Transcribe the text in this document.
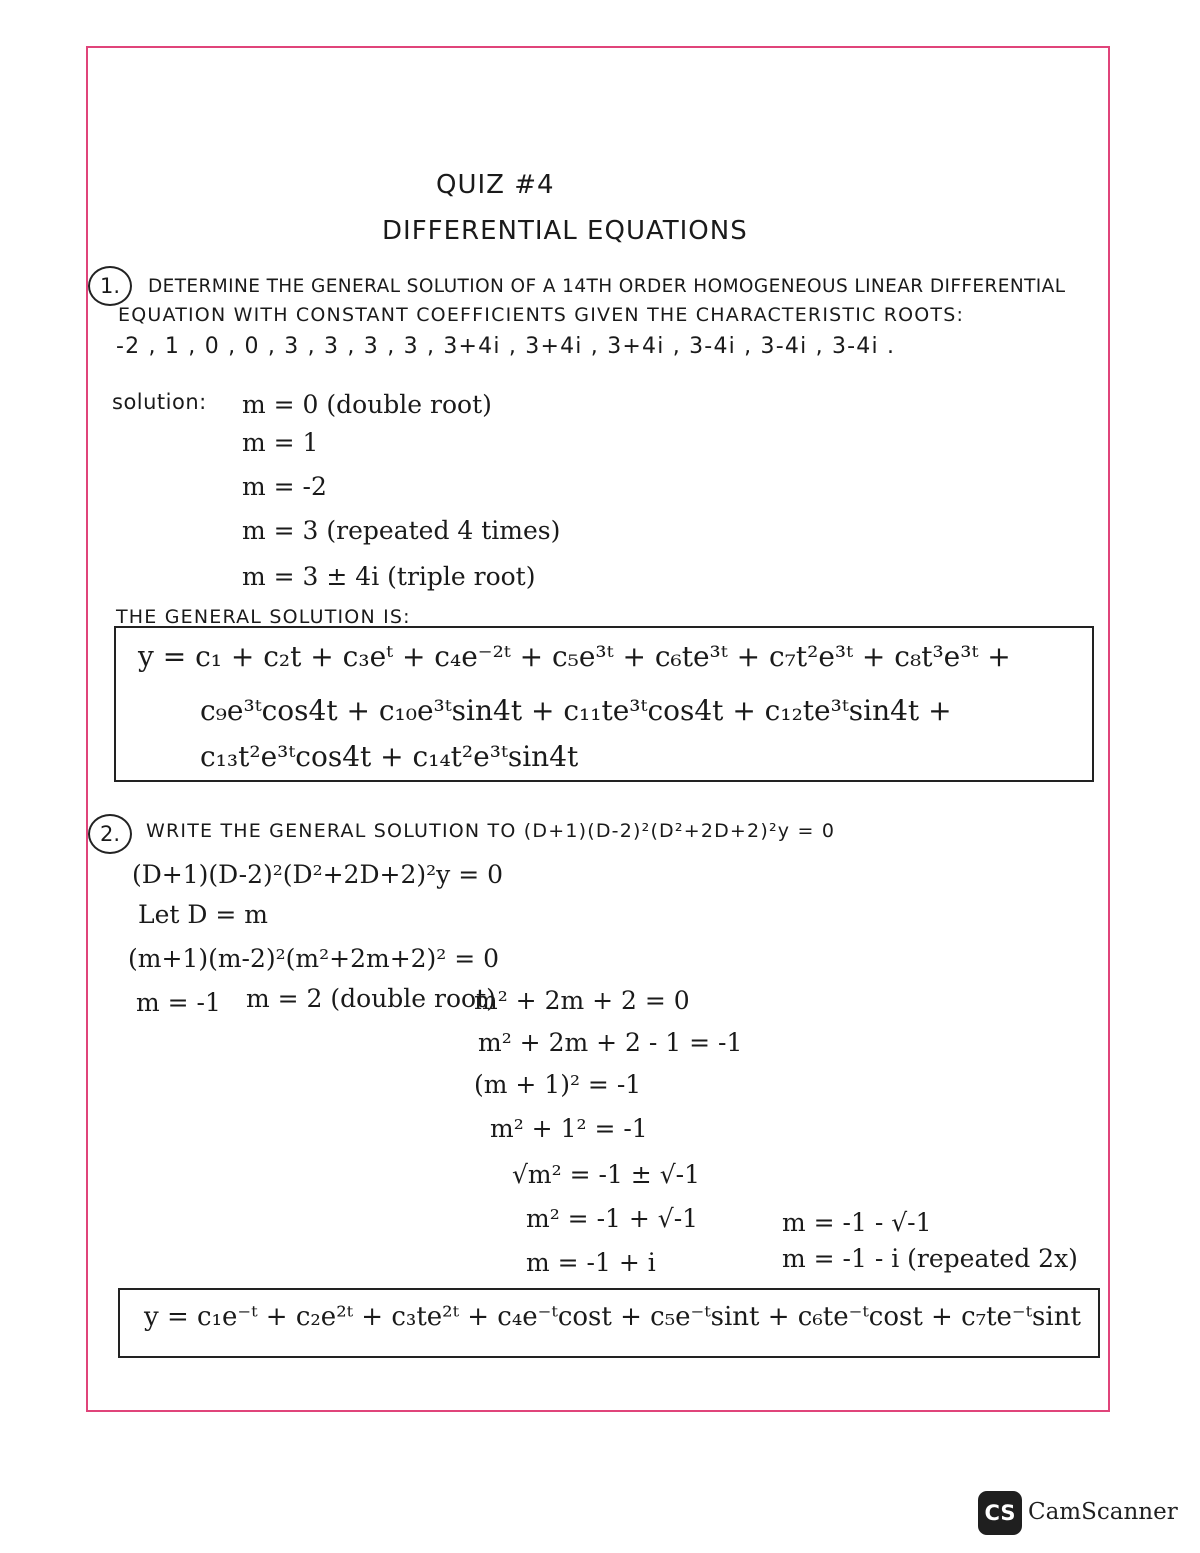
QUIZ #4
DIFFERENTIAL EQUATIONS
1.	DETERMINE THE GENERAL SOLUTION OF A 14TH ORDER HOMOGENEOUS LINEAR DIFFERENTIAL
EQUATION WITH CONSTANT COEFFICIENTS GIVEN THE CHARACTERISTIC ROOTS:
-2 , 1 , 0 , 0 , 3 , 3 , 3 , 3 , 3+4i , 3+4i , 3+4i , 3-4i , 3-4i , 3-4i .
solution: m = 0 (double root)
m = 1
m = -2
m = 3 (repeated 4 times)
m = 3 ± 4i (triple root)
THE GENERAL SOLUTION IS:
y = c₁ + c₂t + c₃eᵗ + c₄e⁻²ᵗ + c₅e³ᵗ + c₆te³ᵗ + c₇t²e³ᵗ + c₈t³e³ᵗ +
c₉e³ᵗcos4t + c₁₀e³ᵗsin4t + c₁₁te³ᵗcos4t + c₁₂te³ᵗsin4t +
c₁₃t²e³ᵗcos4t + c₁₄t²e³ᵗsin4t
2.	WRITE THE GENERAL SOLUTION TO (D+1)(D-2)²(D²+2D+2)²y = 0
(D+1)(D-2)²(D²+2D+2)²y = 0
Let D = m
(m+1)(m-2)²(m²+2m+2)² = 0
m = -1 m = 2 (double root)
m² + 2m + 2 = 0
m² + 2m + 2 - 1 = -1
(m + 1)² = -1
m² + 1² = -1
√m² = -1 ± √-1
m² = -1 + √-1
m = -1 + i
m = -1 - √-1
m = -1 - i (repeated 2x)
y = c₁e⁻ᵗ + c₂e²ᵗ + c₃te²ᵗ + c₄e⁻ᵗcost + c₅e⁻ᵗsint + c₆te⁻ᵗcost + c₇te⁻ᵗsint
CS CamScanner
